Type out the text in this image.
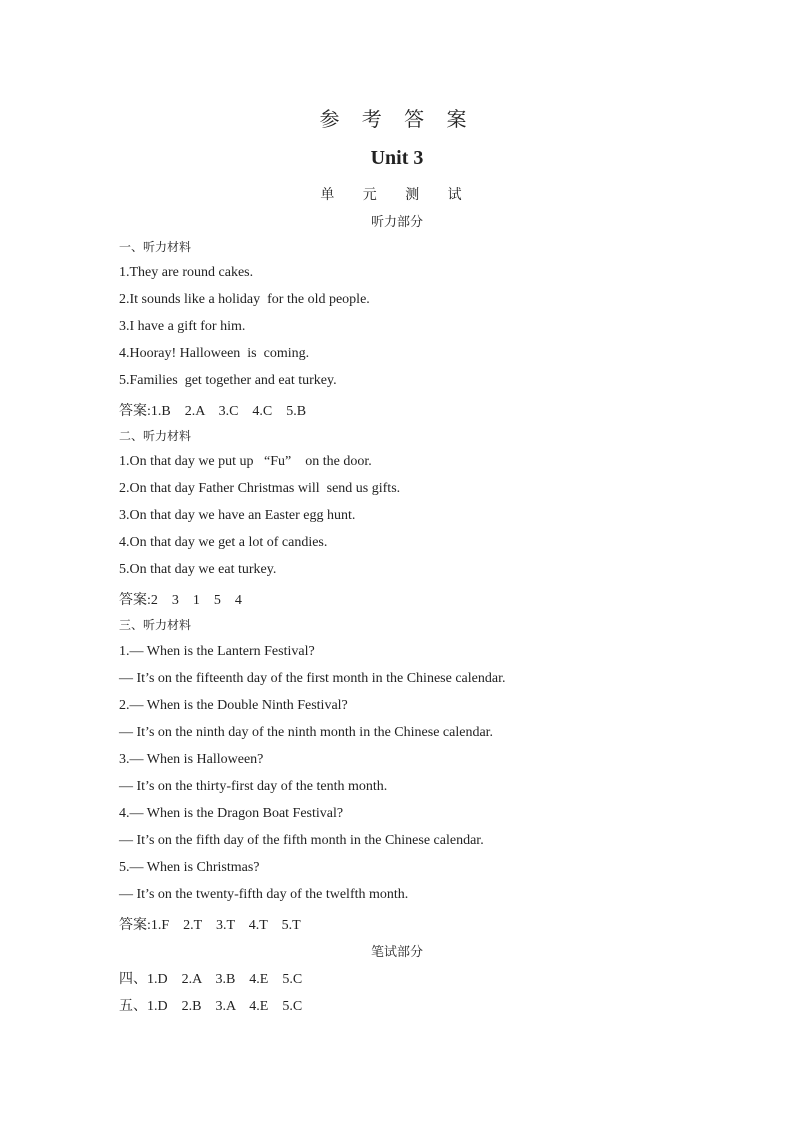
参 考 答 案
Unit 3
单 元 测 试
听力部分
一、听力材料
1.They are round cakes.
2.It sounds like a holiday  for the old people.
3.I have a gift for him.
4.Hooray! Halloween  is  coming.
5.Families  get together and eat turkey.
答案:1.B    2.A    3.C    4.C    5.B
二、听力材料
1.On that day we put up   “Fu”    on the door.
2.On that day Father Christmas will  send us gifts.
3.On that day we have an Easter egg hunt.
4.On that day we get a lot of candies.
5.On that day we eat turkey.
答案:2    3    1    5    4
三、听力材料
1.— When is the Lantern Festival?
— It’s on the fifteenth day of the first month in the Chinese calendar.
2.— When is the Double Ninth Festival?
— It’s on the ninth day of the ninth month in the Chinese calendar.
3.— When is Halloween?
— It’s on the thirty-first day of the tenth month.
4.— When is the Dragon Boat Festival?
— It’s on the fifth day of the fifth month in the Chinese calendar.
5.— When is Christmas?
— It’s on the twenty-fifth day of the twelfth month.
答案:1.F    2.T    3.T    4.T    5.T
笔试部分
四、1.D    2.A    3.B    4.E    5.C
五、1.D    2.B    3.A    4.E    5.C
